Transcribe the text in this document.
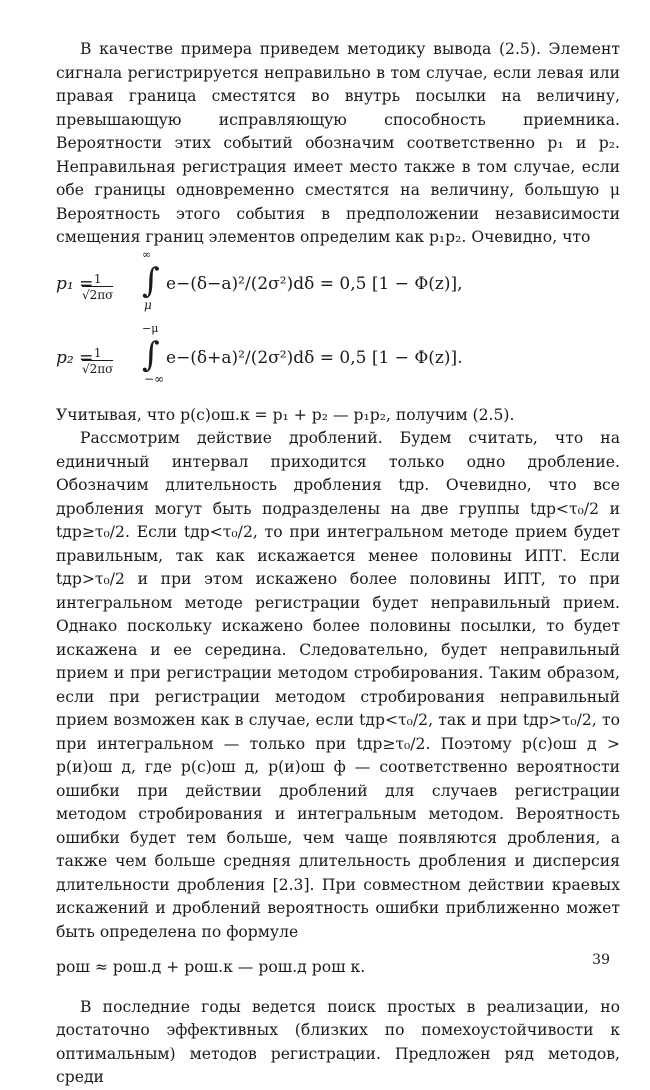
В качестве примера приведем методику вывода (2.5). Элемент сигнала регистрируется неправильно в том случае, если левая или правая граница сместятся во внутрь посылки на величину, превышающую исправляющую способность приемника. Вероятности этих событий обозначим соответственно p₁ и p₂. Неправильная регистрация имеет место также в том случае, если обе границы одновременно сместятся на величину, большую μ Вероятность этого события в предположении независимости смещения границ элементов определим как p₁p₂. Очевидно, что

p₁ =
$\frac{1}{√2\pi\sigma}$
∞
∫
μ
e−(δ−a)²/(2σ²)dδ = 0,5 [1 − Φ(z)],
p₂ =
$\frac{1}{√2\pi\sigma}$
−μ
∫
−∞
e−(δ+a)²/(2σ²)dδ = 0,5 [1 − Φ(z)].

Учитывая, что p(c)ош.к = p₁ + p₂ — p₁p₂, получим (2.5).

Рассмотрим действие дроблений. Будем считать, что на единичный интервал приходится только одно дробление. Обозначим длительность дробления tдр. Очевидно, что все дробления могут быть подразделены на две группы tдр<τ₀/2 и tдр≥τ₀/2. Если tдр<τ₀/2, то при интегральном методе прием будет правильным, так как искажается менее половины ИПТ. Если tдр>τ₀/2 и при этом искажено более половины ИПТ, то при интегральном методе регистрации будет неправильный прием. Однако поскольку искажено более половины посылки, то будет искажена и ее середина. Следовательно, будет неправильный прием и при регистрации методом стробирования. Таким образом, если при регистрации методом стробирования неправильный прием возможен как в случае, если tдр<τ₀/2, так и при tдр>τ₀/2, то при интегральном — только при tдр≥τ₀/2. Поэтому p(c)ош д > p(и)ош д, где p(c)ош д, p(и)ош ф — соответственно вероятности ошибки при действии дроблений для случаев регистрации методом стробирования и интегральным методом. Вероятность ошибки будет тем больше, чем чаще появляются дробления, а также чем больше средняя длительность дробления и дисперсия длительности дробления [2.3]. При совместном действии краевых искажений и дроблений вероятность ошибки приближенно может быть определена по формуле

pош ≈ pош.д + pош.к — pош.д pош к.

В последние годы ведется поиск простых в реализации, но достаточно эффективных (близких по помехоустойчивости к оптимальным) методов регистрации. Предложен ряд методов, среди

39
